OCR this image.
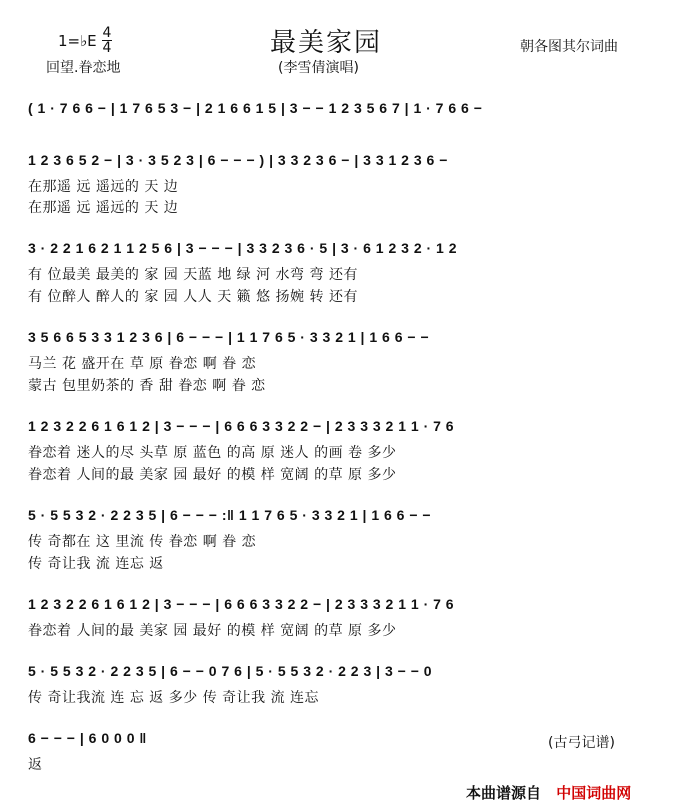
1=♭E 4
4	最美家园	朝各图其尔词曲
回望.眷恋地	(李雪倩演唱)
( 1 · 7 6 6 − | 1 7 6 5 3 − | 2 1 6 6 1 5 | 3 − − 1 2 3 5 6 7 | 1 · 7 6 6 −
1 2 3 6 5 2 − | 3 · 3 5 2 3 | 6 − − − ) | 3 3 2 3 6 − | 3 3 1 2 3 6 −
在那遥 远 遥远的 天 边
在那遥 远 遥远的 天 边
3 · 2 2 1 6 2 1 1 2 5 6 | 3 − − − | 3 3 2 3 6 · 5 | 3 · 6 1 2 3 2 · 1 2
有 位最美 最美的 家 园 天蓝 地 绿 河 水弯 弯 还有
有 位醉人 醉人的 家 园 人人 天 籁 悠 扬婉 转 还有
3 5 6 6 5 3 3 1 2 3 6 | 6 − − − | 1 1 7 6 5 · 3 3 2 1 | 1 6 6 − −
马兰 花 盛开在 草 原 眷恋 啊 眷 恋
蒙古 包里奶茶的 香 甜 眷恋 啊 眷 恋
1 2 3 2 2 6 1 6 1 2 | 3 − − − | 6 6 6 3 3 2 2 − | 2 3 3 3 2 1 1 · 7 6
眷恋着 迷人的尽 头草 原 蓝色 的高 原 迷人 的画 卷 多少
眷恋着 人间的最 美家 园 最好 的模 样 宽阔 的草 原 多少
5 · 5 5 3 2 · 2 2 3 5 | 6 − − − :‖ 1 1 7 6 5 · 3 3 2 1 | 1 6 6 − −
传 奇都在 这 里流 传 眷恋 啊 眷 恋
传 奇让我 流 连忘 返
1 2 3 2 2 6 1 6 1 2 | 3 − − − | 6 6 6 3 3 2 2 − | 2 3 3 3 2 1 1 · 7 6
眷恋着 人间的最 美家 园 最好 的模 样 宽阔 的草 原 多少
5 · 5 5 3 2 · 2 2 3 5 | 6 − − 0 7 6 | 5 · 5 5 3 2 · 2 2 3 | 3 − − 0
传 奇让我流 连 忘 返 多少 传 奇让我 流 连忘
6 − − − | 6 0 0 0 ‖
返
(古弓记谱)
本曲谱源自 中国词曲网
